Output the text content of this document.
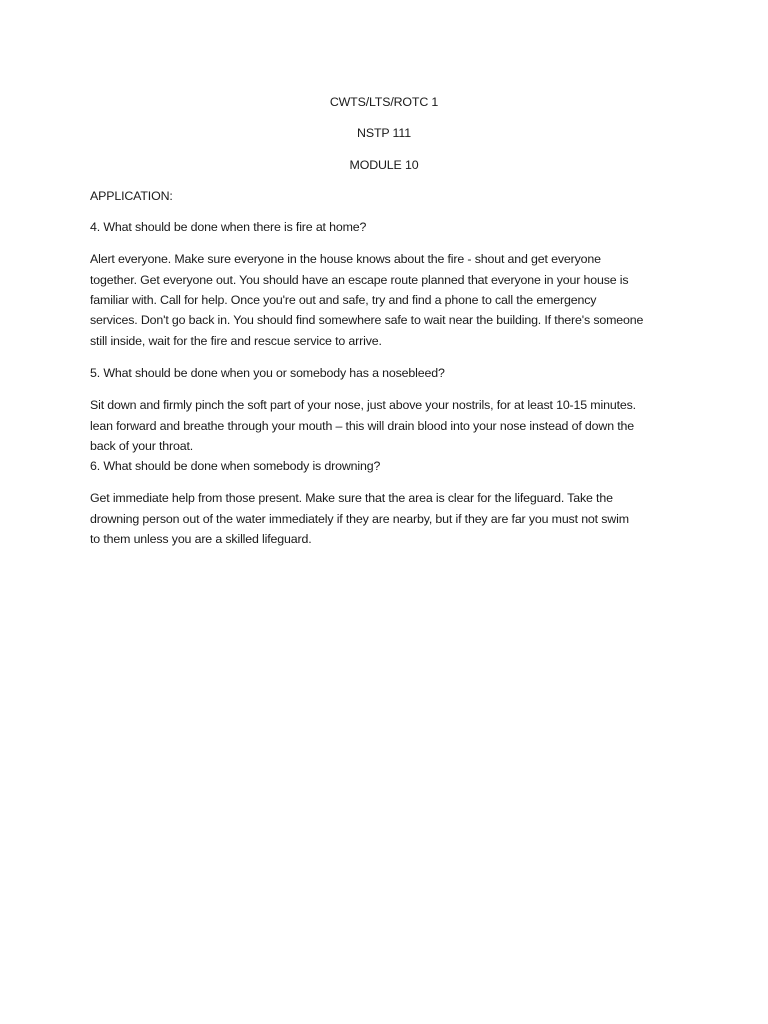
CWTS/LTS/ROTC 1

NSTP 111

MODULE 10

APPLICATION:

4. What should be done when there is fire at home?

Alert everyone. Make sure everyone in the house knows about the fire - shout and get everyone
together. Get everyone out. You should have an escape route planned that everyone in your house is
familiar with. Call for help. Once you're out and safe, try and find a phone to call the emergency
services. Don't go back in. You should find somewhere safe to wait near the building. If there's someone
still inside, wait for the fire and rescue service to arrive.

5. What should be done when you or somebody has a nosebleed?

Sit down and firmly pinch the soft part of your nose, just above your nostrils, for at least 10-15 minutes.
lean forward and breathe through your mouth – this will drain blood into your nose instead of down the
back of your throat.

6. What should be done when somebody is drowning?

Get immediate help from those present. Make sure that the area is clear for the lifeguard. Take the
drowning person out of the water immediately if they are nearby, but if they are far you must not swim
to them unless you are a skilled lifeguard.
